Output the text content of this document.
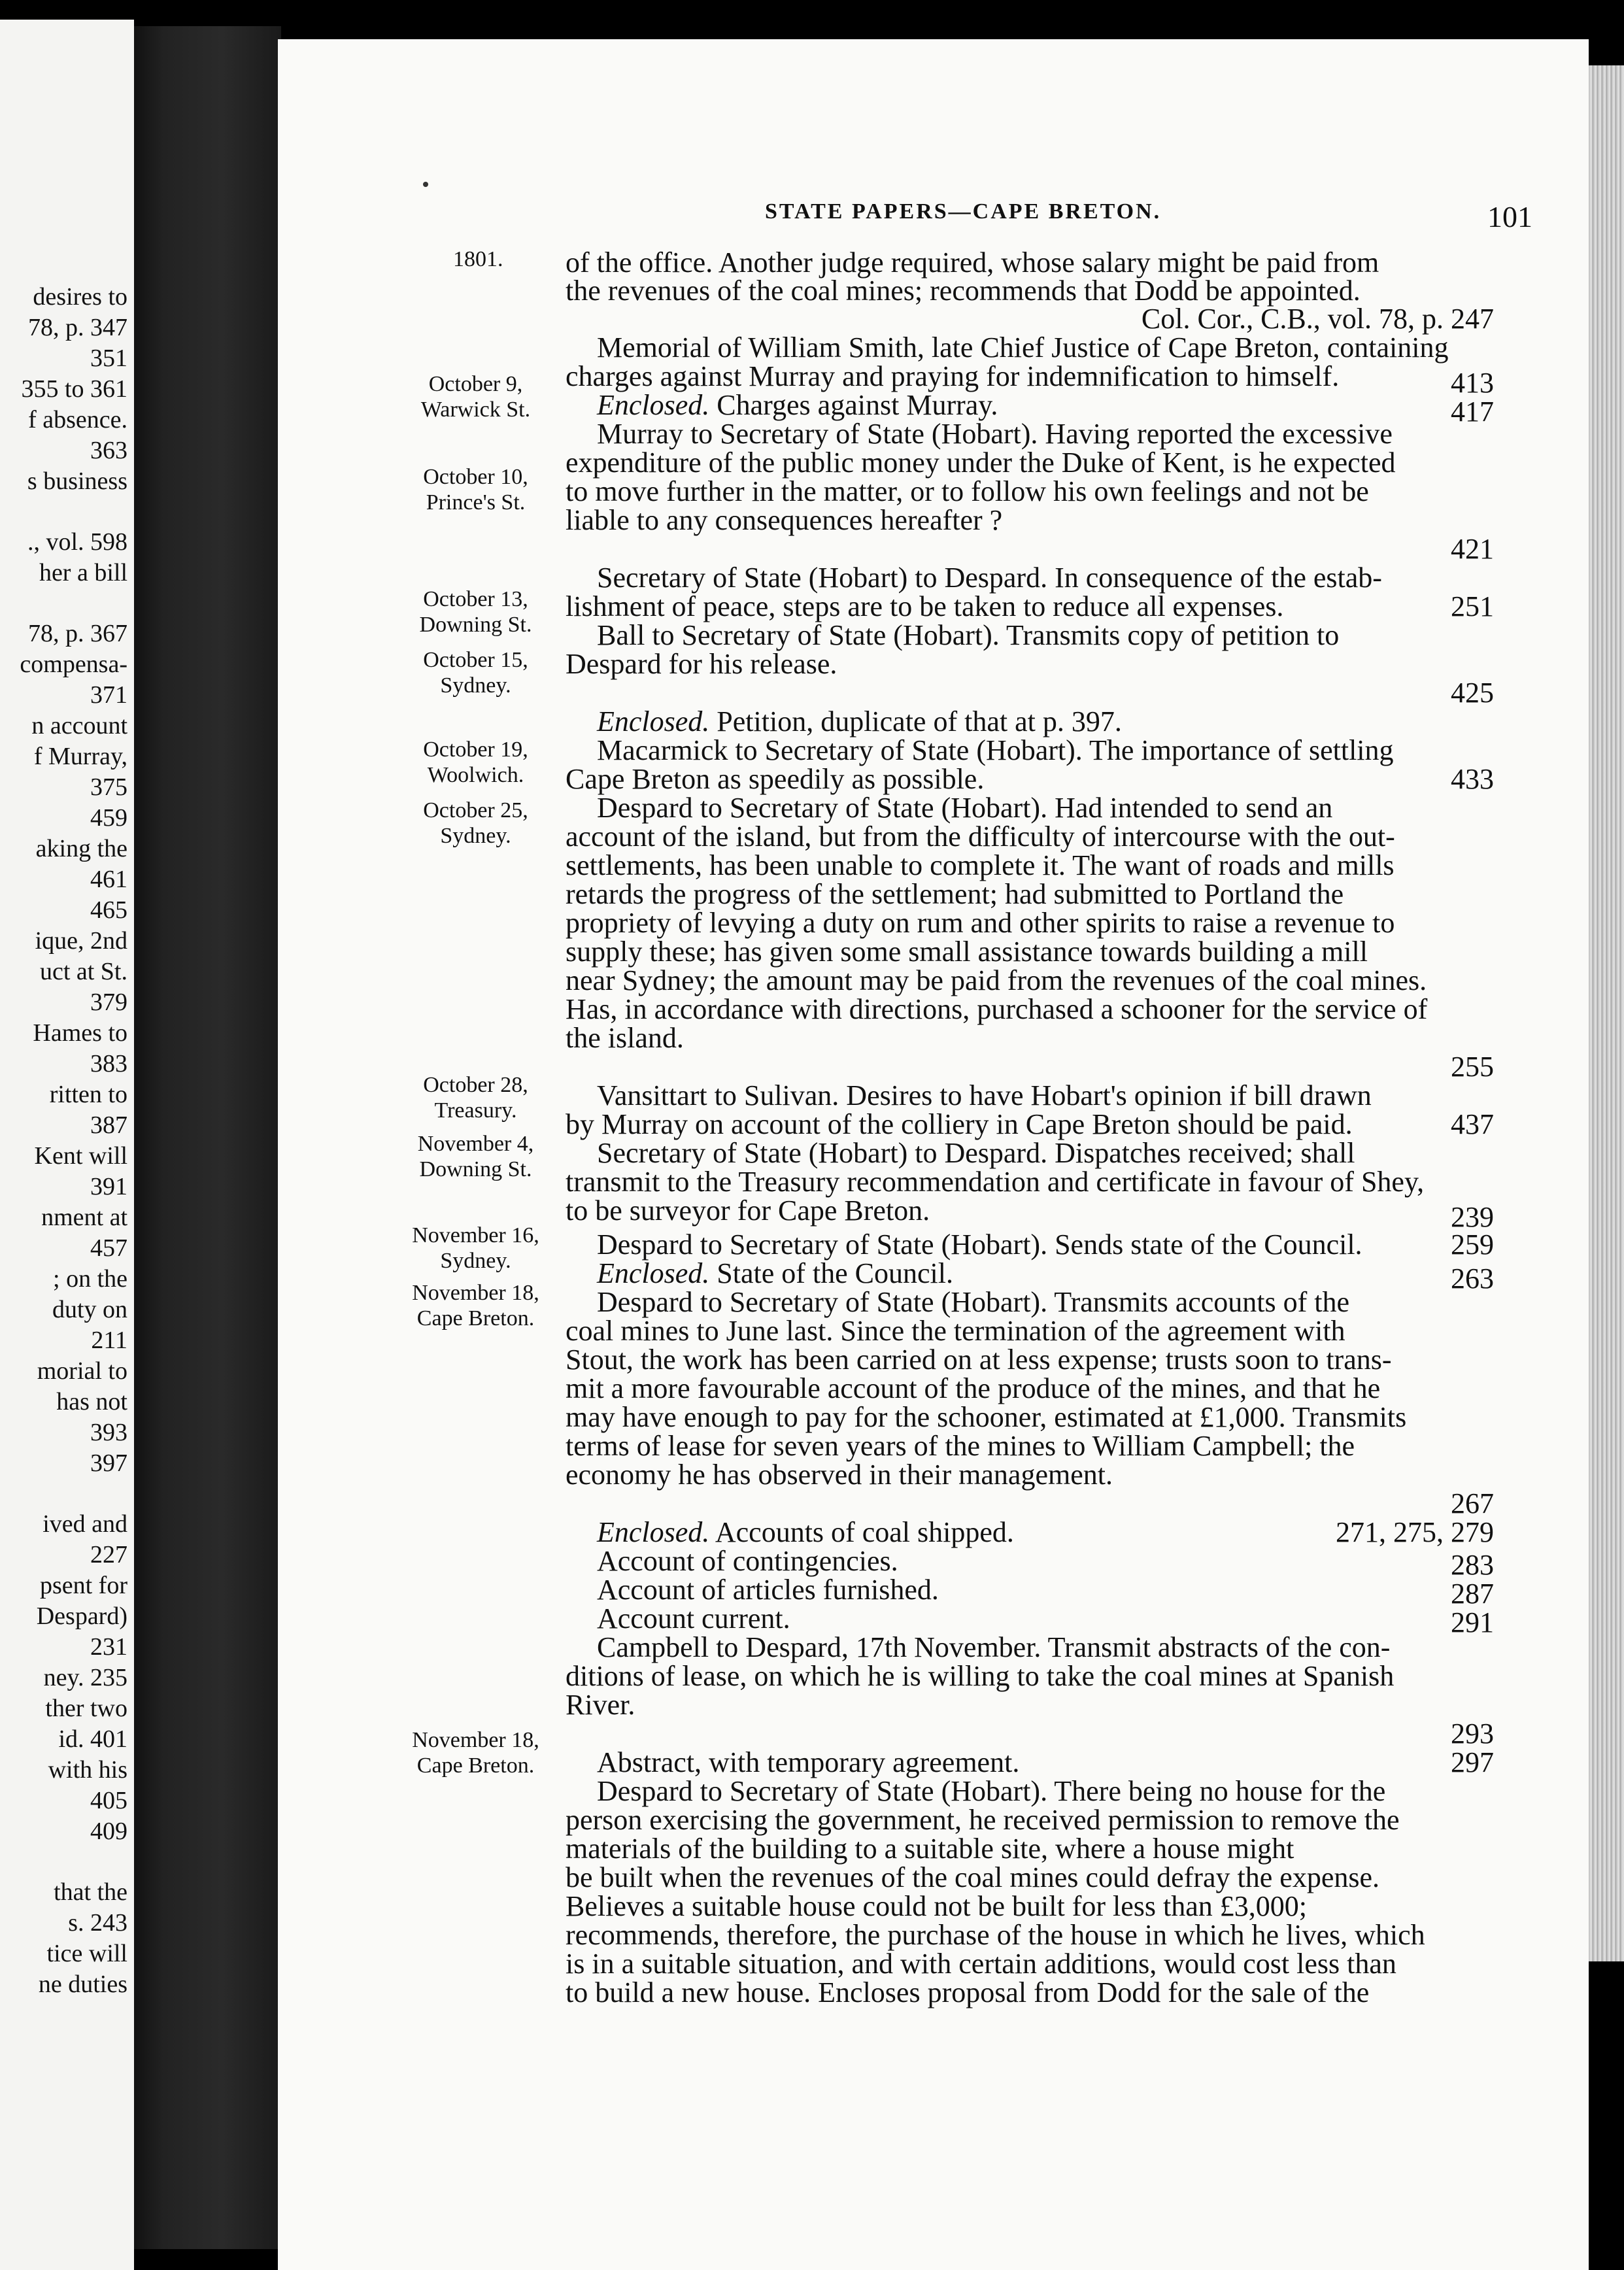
desires to
78, p. 347
351
355 to 361
f absence.
363
s business
., vol. 598
her a bill
78, p. 367
compensa-
371
n account
f Murray,
375
459
aking the
461
465
ique, 2nd
uct at St.
379
Hames to
383
ritten to
387
Kent will
391
nment at
457
; on the
duty on
211
morial to
has not
393
397
ived and
227
psent for
Despard)
231
ney. 235
ther two
id. 401
with his
405
409
that the
s. 243
tice will
ne duties
STATE PAPERS—CAPE BRETON.	101
1801.
October 9,
Warwick St.
October 10,
Prince's St.
October 13,
Downing St.
October 15,
Sydney.
October 19,
Woolwich.
October 25,
Sydney.
October 28,
Treasury.
November 4,
Downing St.
November 16,
Sydney.
November 18,
Cape Breton.
November 18,
Cape Breton.
of the office. Another judge required, whose salary might be paid from
the revenues of the coal mines; recommends that Dodd be appointed.
Col. Cor., C.B., vol. 78, p. 247
Memorial of William Smith, late Chief Justice of Cape Breton, containing
charges against Murray and praying for indemnification to himself.
Enclosed. Charges against Murray.
Murray to Secretary of State (Hobart). Having reported the excessive
expenditure of the public money under the Duke of Kent, is he expected
to move further in the matter, or to follow his own feelings and not be
liable to any consequences hereafter ?
Secretary of State (Hobart) to Despard. In consequence of the estab-
lishment of peace, steps are to be taken to reduce all expenses.
Ball to Secretary of State (Hobart). Transmits copy of petition to
Despard for his release.
Enclosed. Petition, duplicate of that at p. 397.
Macarmick to Secretary of State (Hobart). The importance of settling
Cape Breton as speedily as possible.
Despard to Secretary of State (Hobart). Had intended to send an
account of the island, but from the difficulty of intercourse with the out-
settlements, has been unable to complete it. The want of roads and mills
retards the progress of the settlement; had submitted to Portland the
propriety of levying a duty on rum and other spirits to raise a revenue to
supply these; has given some small assistance towards building a mill
near Sydney; the amount may be paid from the revenues of the coal mines.
Has, in accordance with directions, purchased a schooner for the service of
the island.
Vansittart to Sulivan. Desires to have Hobart's opinion if bill drawn
by Murray on account of the colliery in Cape Breton should be paid.
Secretary of State (Hobart) to Despard. Dispatches received; shall
transmit to the Treasury recommendation and certificate in favour of Shey,
to be surveyor for Cape Breton.
Despard to Secretary of State (Hobart). Sends state of the Council.
Enclosed. State of the Council.
Despard to Secretary of State (Hobart). Transmits accounts of the
coal mines to June last. Since the termination of the agreement with
Stout, the work has been carried on at less expense; trusts soon to trans-
mit a more favourable account of the produce of the mines, and that he
may have enough to pay for the schooner, estimated at £1,000. Transmits
terms of lease for seven years of the mines to William Campbell; the
economy he has observed in their management.
Enclosed. Accounts of coal shipped.
Account of contingencies.
Account of articles furnished.
Account current.
Campbell to Despard, 17th November. Transmit abstracts of the con-
ditions of lease, on which he is willing to take the coal mines at Spanish
River.
Abstract, with temporary agreement.
Despard to Secretary of State (Hobart). There being no house for the
person exercising the government, he received permission to remove the
materials of the building to a suitable site, where a house might
be built when the revenues of the coal mines could defray the expense.
Believes a suitable house could not be built for less than £3,000;
recommends, therefore, the purchase of the house in which he lives, which
is in a suitable situation, and with certain additions, would cost less than
to build a new house. Encloses proposal from Dodd for the sale of the
413
417
421
251
425
433
255
437
239
259
263
267
271, 275, 279
283
287
291
293
297
